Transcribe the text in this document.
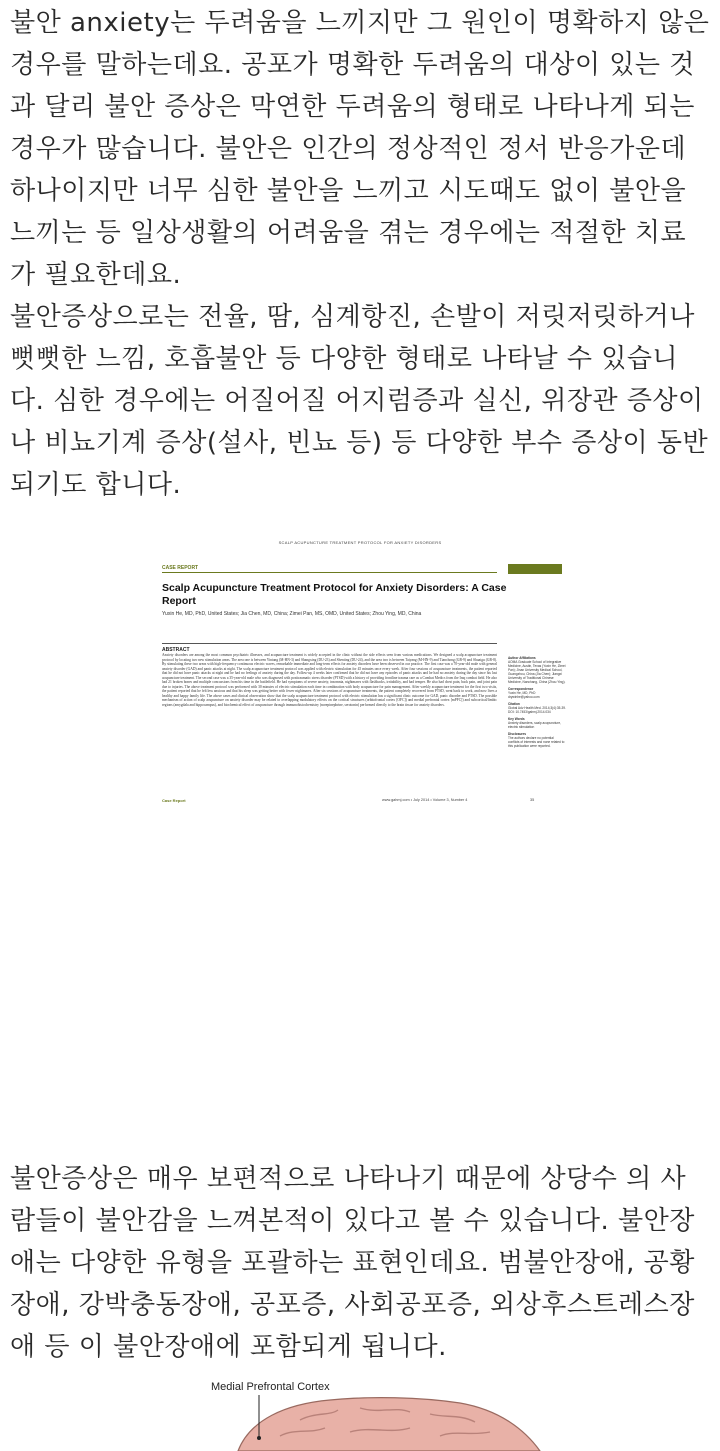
불안 anxiety는 두려움을 느끼지만 그 원인이 명확하지 않은 경우를 말하는데요. 공포가 명확한 두려움의 대상이 있는 것과 달리 불안 증상은 막연한 두려움의 형태로 나타나게 되는 경우가 많습니다. 불안은 인간의 정상적인 정서 반응가운데 하나이지만 너무 심한 불안을 느끼고 시도때도 없이 불안을 느끼는 등 일상생활의 어려움을 겪는 경우에는 적절한 치료가 필요한데요.

불안증상으로는 전율, 땀, 심계항진, 손발이 저릿저릿하거나 뻣뻣한 느낌, 호흡불안 등 다양한 형태로 나타날 수 있습니다. 심한 경우에는 어질어질 어지럼증과 실신, 위장관 증상이나 비뇨기계 증상(설사, 빈뇨 등) 등 다양한 부수 증상이 동반되기도 합니다.

SCALP ACUPUNCTURE TREATMENT PROTOCOL FOR ANXIETY DISORDERS
CASE REPORT
Scalp Acupuncture Treatment Protocol for Anxiety Disorders: A Case Report
Yuxin He, MD, PhD, United States; Jia Chen, MD, China; Zimei Pan, MS, OMD, United States; Zhou Ying, MD, China
ABSTRACT
Anxiety disorders are among the most common psychiatric illnesses, and acupuncture treatment is widely accepted in the clinic without the side effects seen from various medications. We designed a scalp acupuncture treatment protocol by locating two new stimulation areas. The area one is between Yintang (M-HN-3) and Shangxing (DU-23) and Shenting (DU-24), and the area two is between Taiyang (M-HN-9) and Tianchong (GB-9) and Shuaigu (GB-8). By stimulating these two areas with high-frequency continuous electric waves, remarkable immediate and long-term effects for anxiety disorders have been observed in our practice. The first case was a 70-year-old male with general anxiety disorder (GAD) and panic attacks at night. The scalp acupuncture treatment protocol was applied with electric stimulation for 45 minutes once every week. After four sessions of acupuncture treatments, the patient reported that he did not have panic attacks at night and he had no feelings of anxiety during the day. Follow-up 4 weeks later confirmed that he did not have any episodes of panic attacks and he had no anxiety during the day since his last acupuncture treatment. The second case was a 35-year-old male who was diagnosed with posttraumatic stress disorder (PTSD) with a history of providing frontline trauma care as a Combat Medics from the Iraq combat field. He also had 21 broken bones and multiple concussions from his time in the battlefield. He had symptoms of severe anxiety, insomnia, nightmares with flashbacks, irritability, and bad temper. He also had chest pain, back pain, and joint pain due to injuries. The above treatment protocol was performed with 30 minutes of electric stimulation each time in combination with body acupuncture for pain management. After weekly acupuncture treatment for the first two visits, the patient reported that he felt less anxious and that his sleep was getting better with fewer nightmares. After six sessions of acupuncture treatments, the patient completely recovered from PTSD, went back to work, and now lives a healthy and happy family life. The above cases and clinical observation show that the scalp acupuncture treatment protocol with electric stimulation has a significant clinic outcome for GAD, panic disorder and PTSD. The possible mechanism of action of scalp acupuncture on anxiety disorder may be related to overlapping modulatory effects on the cortical structures (orbitofrontal cortex [OFC]) and medial prefrontal cortex [mPFC]) and subcortical/limbic regions (amygdala and hippocampus), and biochemical effect of acupuncture through immunohistochemistry (norepinephrine, serotonin) performed directly to the brain tissue for anxiety disorders.
Author Affiliations
AOMA Graduate School of Integrative Medicine, Austin, Texas (Yuxin He, Zimei Pan); Jinan University Medical School, Guangzhou, China (Jia Chen); Jiangxi University of Traditional Chinese Medicine, Nanchang, China (Zhou Ying).
Correspondence
Yuxin He, MD, PhD drywinhe@yahoo.com
Citation
Global Adv Health Med. 2014;3(4):35-39. DOI: 10.7453/gahmj.2014.034
Key Words
Anxiety disorders, scalp acupuncture, electric stimulation
Disclosures
The authors declare no potential conflicts of interests and none related to this publication were reported.
Case Report	www.gahmj.com • July 2014 • Volume 3, Number 4	35

불안증상은 매우 보편적으로 나타나기 때문에 상당수 의 사람들이 불안감을 느껴본적이 있다고 볼 수 있습니다. 불안장애는 다양한 유형을 포괄하는 표현인데요. 범불안장애, 공황장애, 강박충동장애, 공포증, 사회공포증, 외상후스트레스장애 등 이 불안장애에 포함되게 됩니다.

Medial Prefrontal Cortex
